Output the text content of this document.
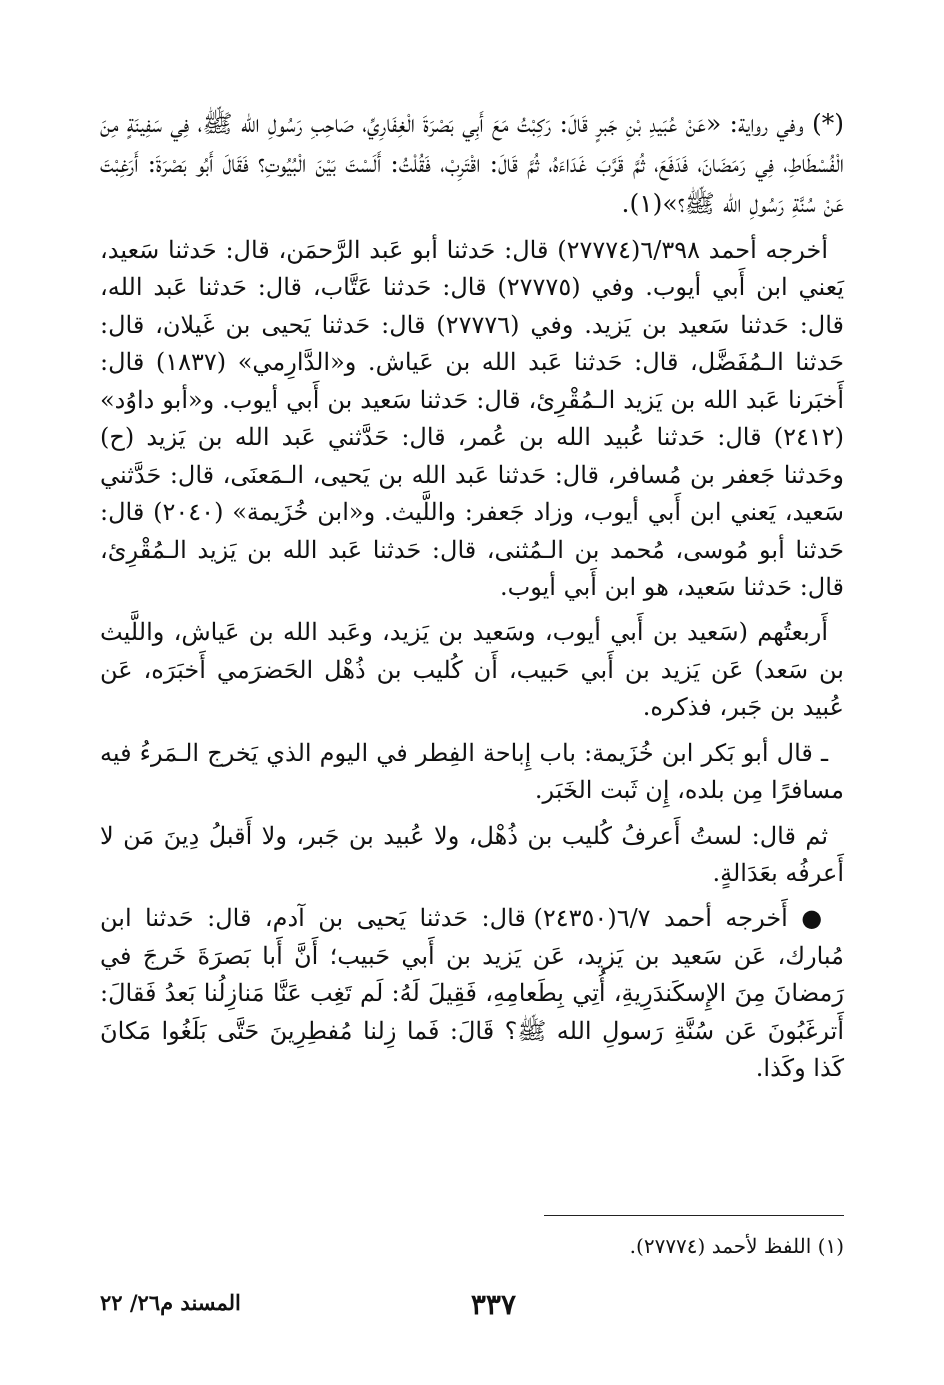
(*) وفي رواية: «عَنْ عُبَيدِ بْنِ جَبرٍ قَالَ: رَكِبْتُ مَعَ أَبِي بَصْرَةَ الْغِفَارِيِّ، صَاحِبِ رَسُولِ الله ﷺ، فِي سَفِينَةٍ مِنَ الْفُسْطَاطِ، فِي رَمَضَانَ، فَدَفَعَ، ثُمَّ قَرَّبَ غَدَاءَهُ، ثُمَّ قَالَ: اقْتَرِبْ، فَقُلْتُ: أَلَسْتَ بَيْنَ الْبُيُوتِ؟ فَقَالَ أَبُو بَصْرَةَ: أَرَغِبْتَ عَنْ سُنَّةِ رَسُولِ الله ﷺ؟»(١).

أخرجه أحمد ٦/٣٩٨(٢٧٧٧٤) قال: حَدثنا أبو عَبد الرَّحمَن، قال: حَدثنا سَعيد، يَعني ابن أَبي أيوب. وفي (٢٧٧٧٥) قال: حَدثنا عَتَّاب، قال: حَدثنا عَبد الله، قال: حَدثنا سَعيد بن يَزيد. وفي (٢٧٧٧٦) قال: حَدثنا يَحيى بن غَيلان، قال: حَدثنا الـمُفَضَّل، قال: حَدثنا عَبد الله بن عَياش. و«الدَّارِمي» (١٨٣٧) قال: أَخبَرنا عَبد الله بن يَزيد الـمُقْرِئ، قال: حَدثنا سَعيد بن أَبي أيوب. و«أبو داوُد» (٢٤١٢) قال: حَدثنا عُبيد الله بن عُمر، قال: حَدَّثني عَبد الله بن يَزيد (ح) وحَدثنا جَعفر بن مُسافر، قال: حَدثنا عَبد الله بن يَحيى، الـمَعنَى، قال: حَدَّثني سَعيد، يَعني ابن أَبي أيوب، وزاد جَعفر: واللَّيث. و«ابن خُزَيمة» (٢٠٤٠) قال: حَدثنا أبو مُوسى، مُحمد بن الـمُثنى، قال: حَدثنا عَبد الله بن يَزيد الـمُقْرِئ، قال: حَدثنا سَعيد، هو ابن أَبي أيوب.

أَربعتُهم (سَعيد بن أَبي أيوب، وسَعيد بن يَزيد، وعَبد الله بن عَياش، واللَّيث بن سَعد) عَن يَزيد بن أَبي حَبيب، أَن كُليب بن ذُهْل الحَضرَمي أَخبَرَه، عَن عُبيد بن جَبر، فذكره.

ـ قال أبو بَكر ابن خُزَيمة: باب إِباحة الفِطر في اليوم الذي يَخرج الـمَرءُ فيه مسافرًا مِن بلده، إِن ثَبت الخَبَر.

ثم قال: لستُ أَعرفُ كُليب بن ذُهْل، ولا عُبيد بن جَبر، ولا أَقبلُ دِينَ مَن لا أَعرفُه بعَدَالةٍ.

● أَخرجه أحمد ٦/٧(٢٤٣٥٠) قال: حَدثنا يَحيى بن آدم، قال: حَدثنا ابن مُبارك، عَن سَعيد بن يَزيد، عَن يَزيد بن أَبي حَبيب؛ أَنَّ أَبا بَصرَةَ خَرجَ في رَمضانَ مِنَ الإِسكَندَرِيةِ، أُتِي بِطَعامِهِ، فَقِيلَ لَهُ: لَم تَغِب عَنَّا مَنازِلُنا بَعدُ فَقالَ: أَترغَبُونَ عَن سُنَّةِ رَسولِ الله ﷺ؟ قَالَ: فَما زِلنا مُفطِرِينَ حَتَّى بَلَغُوا مَكانَ كَذا وكَذا.

(١) اللفظ لأحمد (٢٧٧٧٤).
٣٣٧
المسند م٢٦/ ٢٢
